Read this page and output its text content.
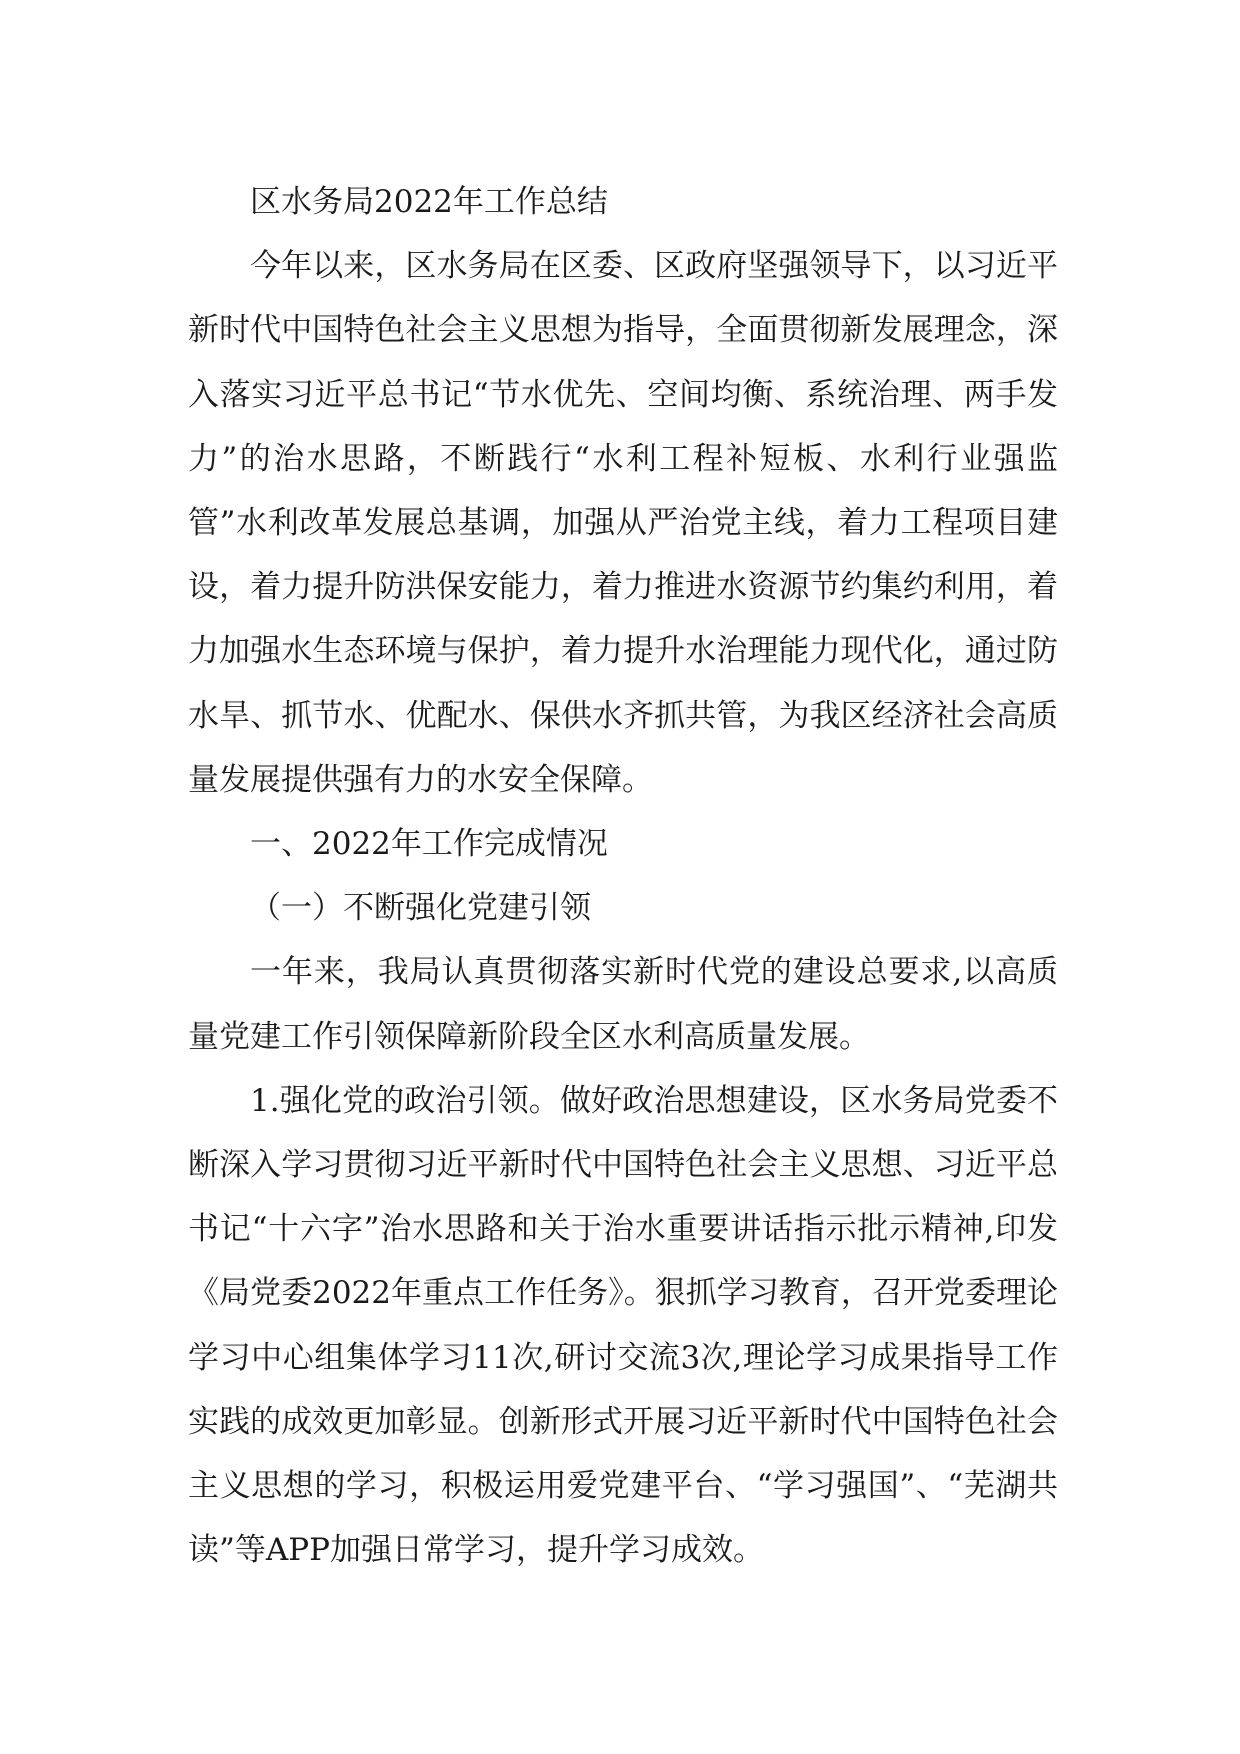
区水务局2022年工作总结

今年以来，区水务局在区委、区政府坚强领导下，以习近平新时代中国特色社会主义思想为指导，全面贯彻新发展理念，深入落实习近平总书记“节水优先、空间均衡、系统治理、两手发力”的治水思路，不断践行“水利工程补短板、水利行业强监管”水利改革发展总基调，加强从严治党主线，着力工程项目建设，着力提升防洪保安能力，着力推进水资源节约集约利用，着力加强水生态环境与保护，着力提升水治理能力现代化，通过防水旱、抓节水、优配水、保供水齐抓共管，为我区经济社会高质量发展提供强有力的水安全保障。

一、2022年工作完成情况

（一）不断强化党建引领

一年来，我局认真贯彻落实新时代党的建设总要求,以高质量党建工作引领保障新阶段全区水利高质量发展。

1.强化党的政治引领。做好政治思想建设，区水务局党委不断深入学习贯彻习近平新时代中国特色社会主义思想、习近平总书记“十六字”治水思路和关于治水重要讲话指示批示精神,印发《局党委2022年重点工作任务》。狠抓学习教育，召开党委理论学习中心组集体学习11次,研讨交流3次,理论学习成果指导工作实践的成效更加彰显。创新形式开展习近平新时代中国特色社会主义思想的学习，积极运用爱党建平台、“学习强国”、“芜湖共读”等APP加强日常学习，提升学习成效。
